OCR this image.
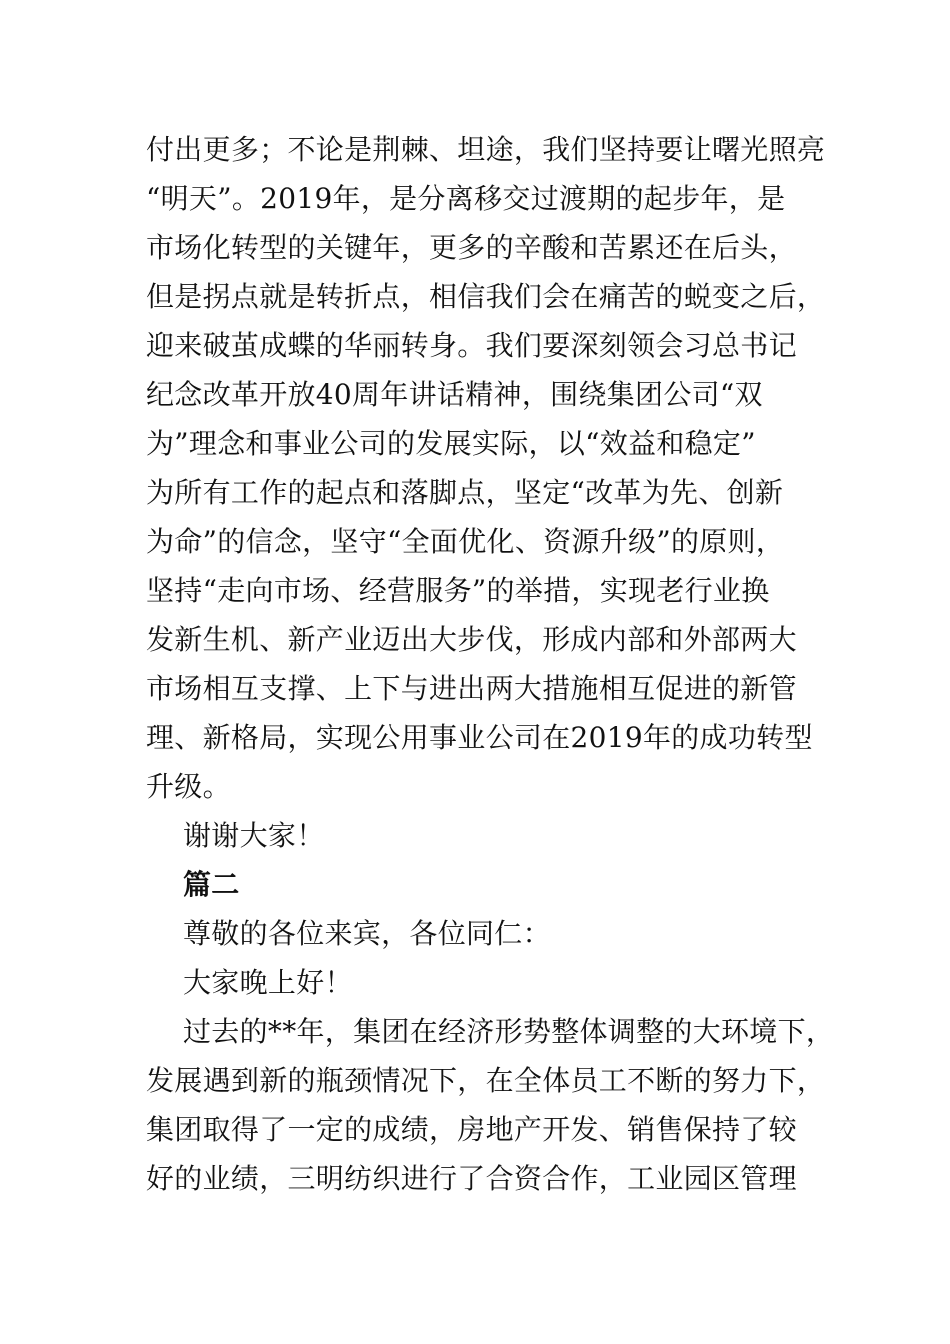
付出更多；不论是荆棘、坦途，我们坚持要让曙光照亮
“明天”。2019年，是分离移交过渡期的起步年，是
市场化转型的关键年，更多的辛酸和苦累还在后头，
但是拐点就是转折点，相信我们会在痛苦的蜕变之后，
迎来破茧成蝶的华丽转身。我们要深刻领会习总书记
纪念改革开放40周年讲话精神，围绕集团公司“双
为”理念和事业公司的发展实际，以“效益和稳定”
为所有工作的起点和落脚点，坚定“改革为先、创新
为命”的信念，坚守“全面优化、资源升级”的原则，
坚持“走向市场、经营服务”的举措，实现老行业换
发新生机、新产业迈出大步伐，形成内部和外部两大
市场相互支撑、上下与进出两大措施相互促进的新管
理、新格局，实现公用事业公司在2019年的成功转型
升级。
谢谢大家！
篇二
尊敬的各位来宾，各位同仁：
大家晚上好！
过去的**年，集团在经济形势整体调整的大环境下，
发展遇到新的瓶颈情况下，在全体员工不断的努力下，
集团取得了一定的成绩，房地产开发、销售保持了较
好的业绩，三明纺织进行了合资合作，工业园区管理
